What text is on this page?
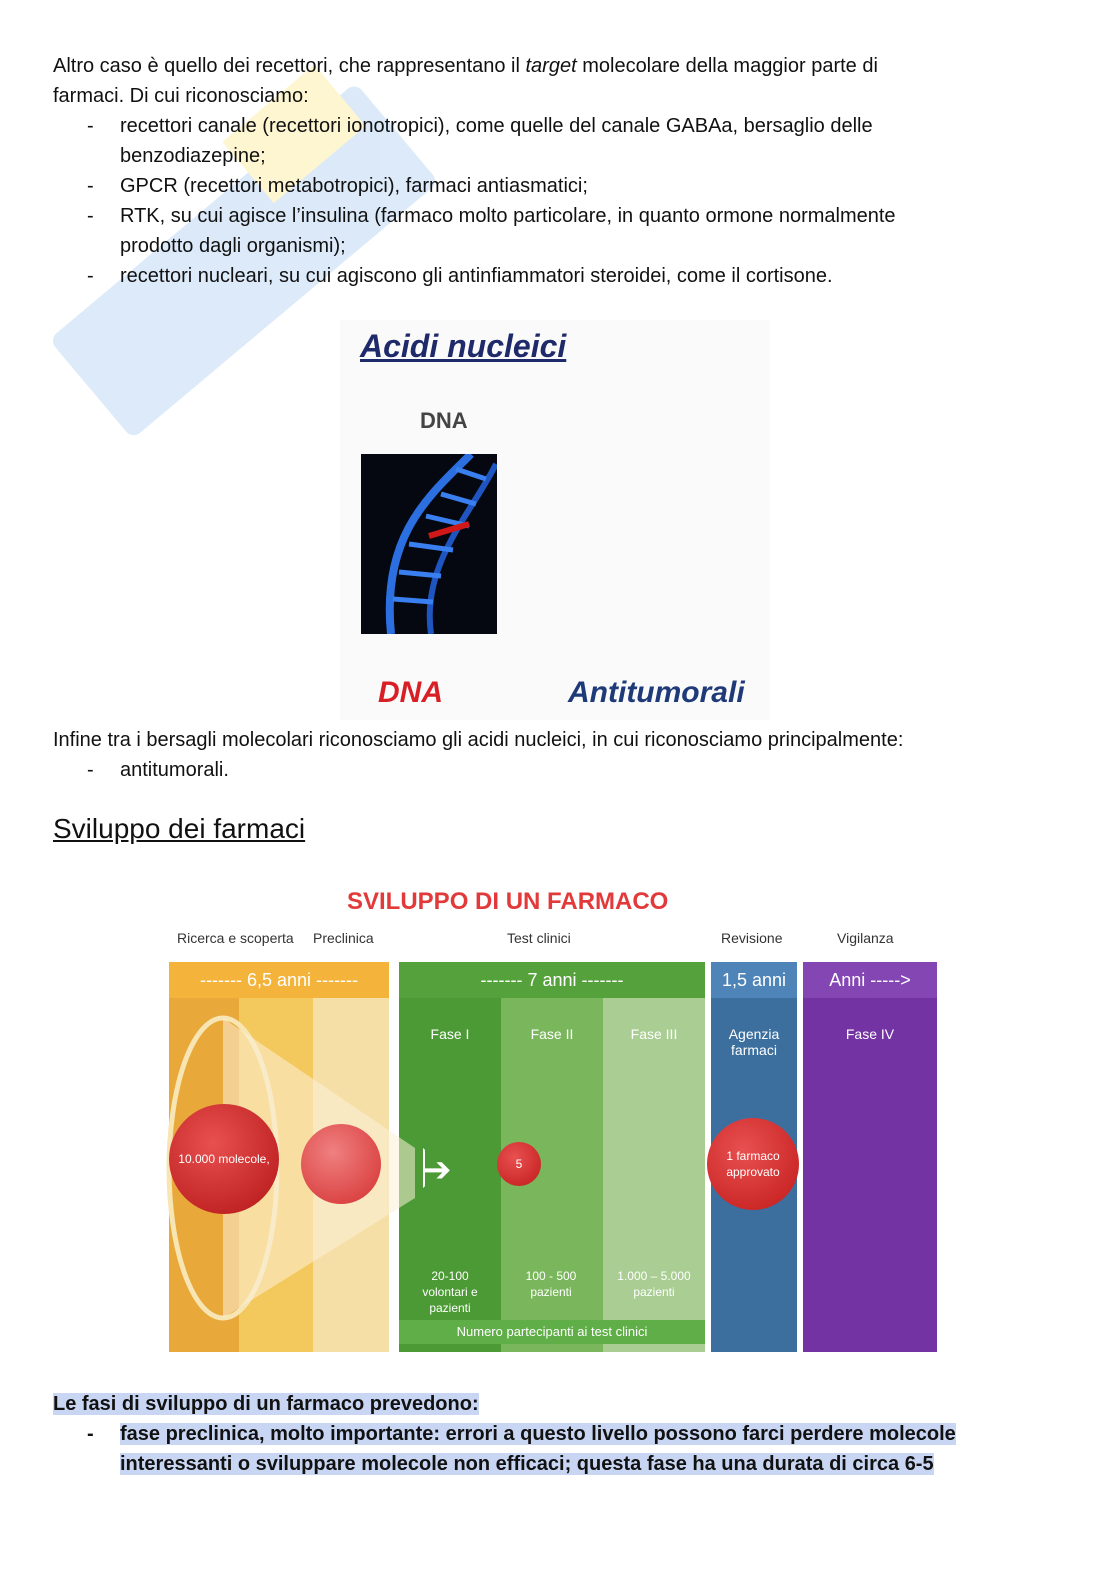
Altro caso è quello dei recettori, che rappresentano il target molecolare della maggior parte di
farmaci. Di cui riconosciamo:
- recettori canale (recettori ionotropici), come quelle del canale GABAa, bersaglio delle
benzodiazepine;
- GPCR (recettori metabotropici), farmaci antiasmatici;
- RTK, su cui agisce l’insulina (farmaco molto particolare, in quanto ormone normalmente
prodotto dagli organismi);
- recettori nucleari, su cui agiscono gli antinfiammatori steroidei, come il cortisone.
Acidi nucleici
DNA
DNA	Antitumorali
Infine tra i bersagli molecolari riconosciamo gli acidi nucleici, in cui riconosciamo principalmente:
- antitumorali.
Sviluppo dei farmaci
SVILUPPO DI UN FARMACO
Ricerca e scoperta Preclinica	Test clinici	Revisione	Vigilanza
------- 6,5 anni -------	------- 7 anni -------	1,5 anni	Anni ----->
Fase I	Fase II	Fase III	Agenzia farmaci
Fase IV
10.000 molecole,	➔	5
1 farmaco approvato
20-100 volontari e pazienti
100 - 500 pazienti
1.000 – 5.000 pazienti
Numero partecipanti ai test clinici
Le fasi di sviluppo di un farmaco prevedono:
- fase preclinica, molto importante: errori a questo livello possono farci perdere molecole
interessanti o sviluppare molecole non efficaci; questa fase ha una durata di circa 6-5
